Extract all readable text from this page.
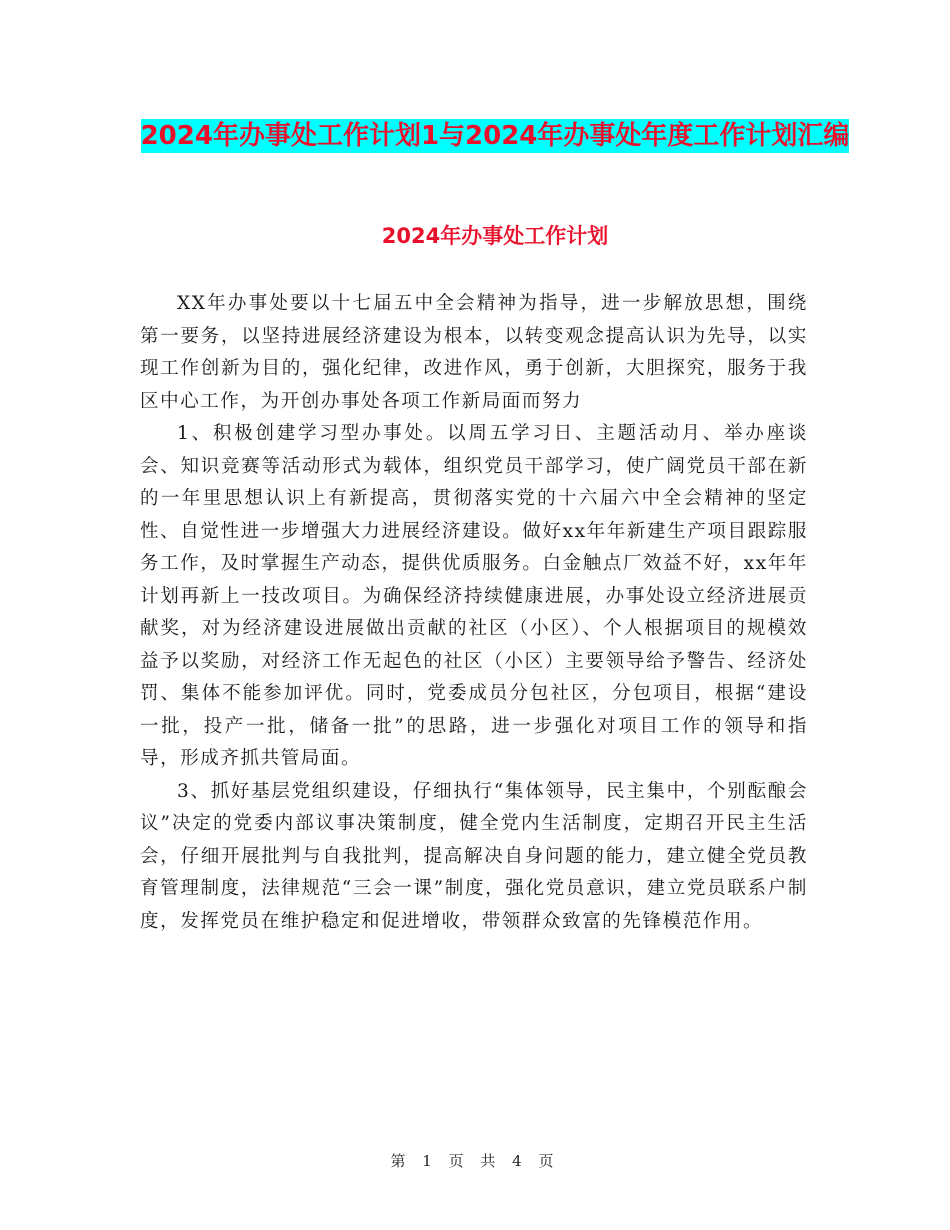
2024年办事处工作计划1与2024年办事处年度工作计划汇编
2024年办事处工作计划

XX年办事处要以十七届五中全会精神为指导，进一步解放思想，围绕第一要务，以坚持进展经济建设为根本，以转变观念提高认识为先导，以实现工作创新为目的，强化纪律，改进作风，勇于创新，大胆探究，服务于我区中心工作，为开创办事处各项工作新局面而努力

1、积极创建学习型办事处。以周五学习日、主题活动月、举办座谈会、知识竞赛等活动形式为载体，组织党员干部学习，使广阔党员干部在新的一年里思想认识上有新提高，贯彻落实党的十六届六中全会精神的坚定性、自觉性进一步增强大力进展经济建设。做好xx年年新建生产项目跟踪服务工作，及时掌握生产动态，提供优质服务。白金触点厂效益不好，xx年年计划再新上一技改项目。为确保经济持续健康进展，办事处设立经济进展贡献奖，对为经济建设进展做出贡献的社区（小区）、个人根据项目的规模效益予以奖励，对经济工作无起色的社区（小区）主要领导给予警告、经济处罚、集体不能参加评优。同时，党委成员分包社区，分包项目，根据“建设一批，投产一批，储备一批”的思路，进一步强化对项目工作的领导和指导，形成齐抓共管局面。

3、抓好基层党组织建设，仔细执行“集体领导，民主集中，个别酝酿会议”决定的党委内部议事决策制度，健全党内生活制度，定期召开民主生活会，仔细开展批判与自我批判，提高解决自身问题的能力，建立健全党员教育管理制度，法律规范“三会一课”制度，强化党员意识，建立党员联系户制度，发挥党员在维护稳定和促进增收，带领群众致富的先锋模范作用。

第 1 页 共 4 页
